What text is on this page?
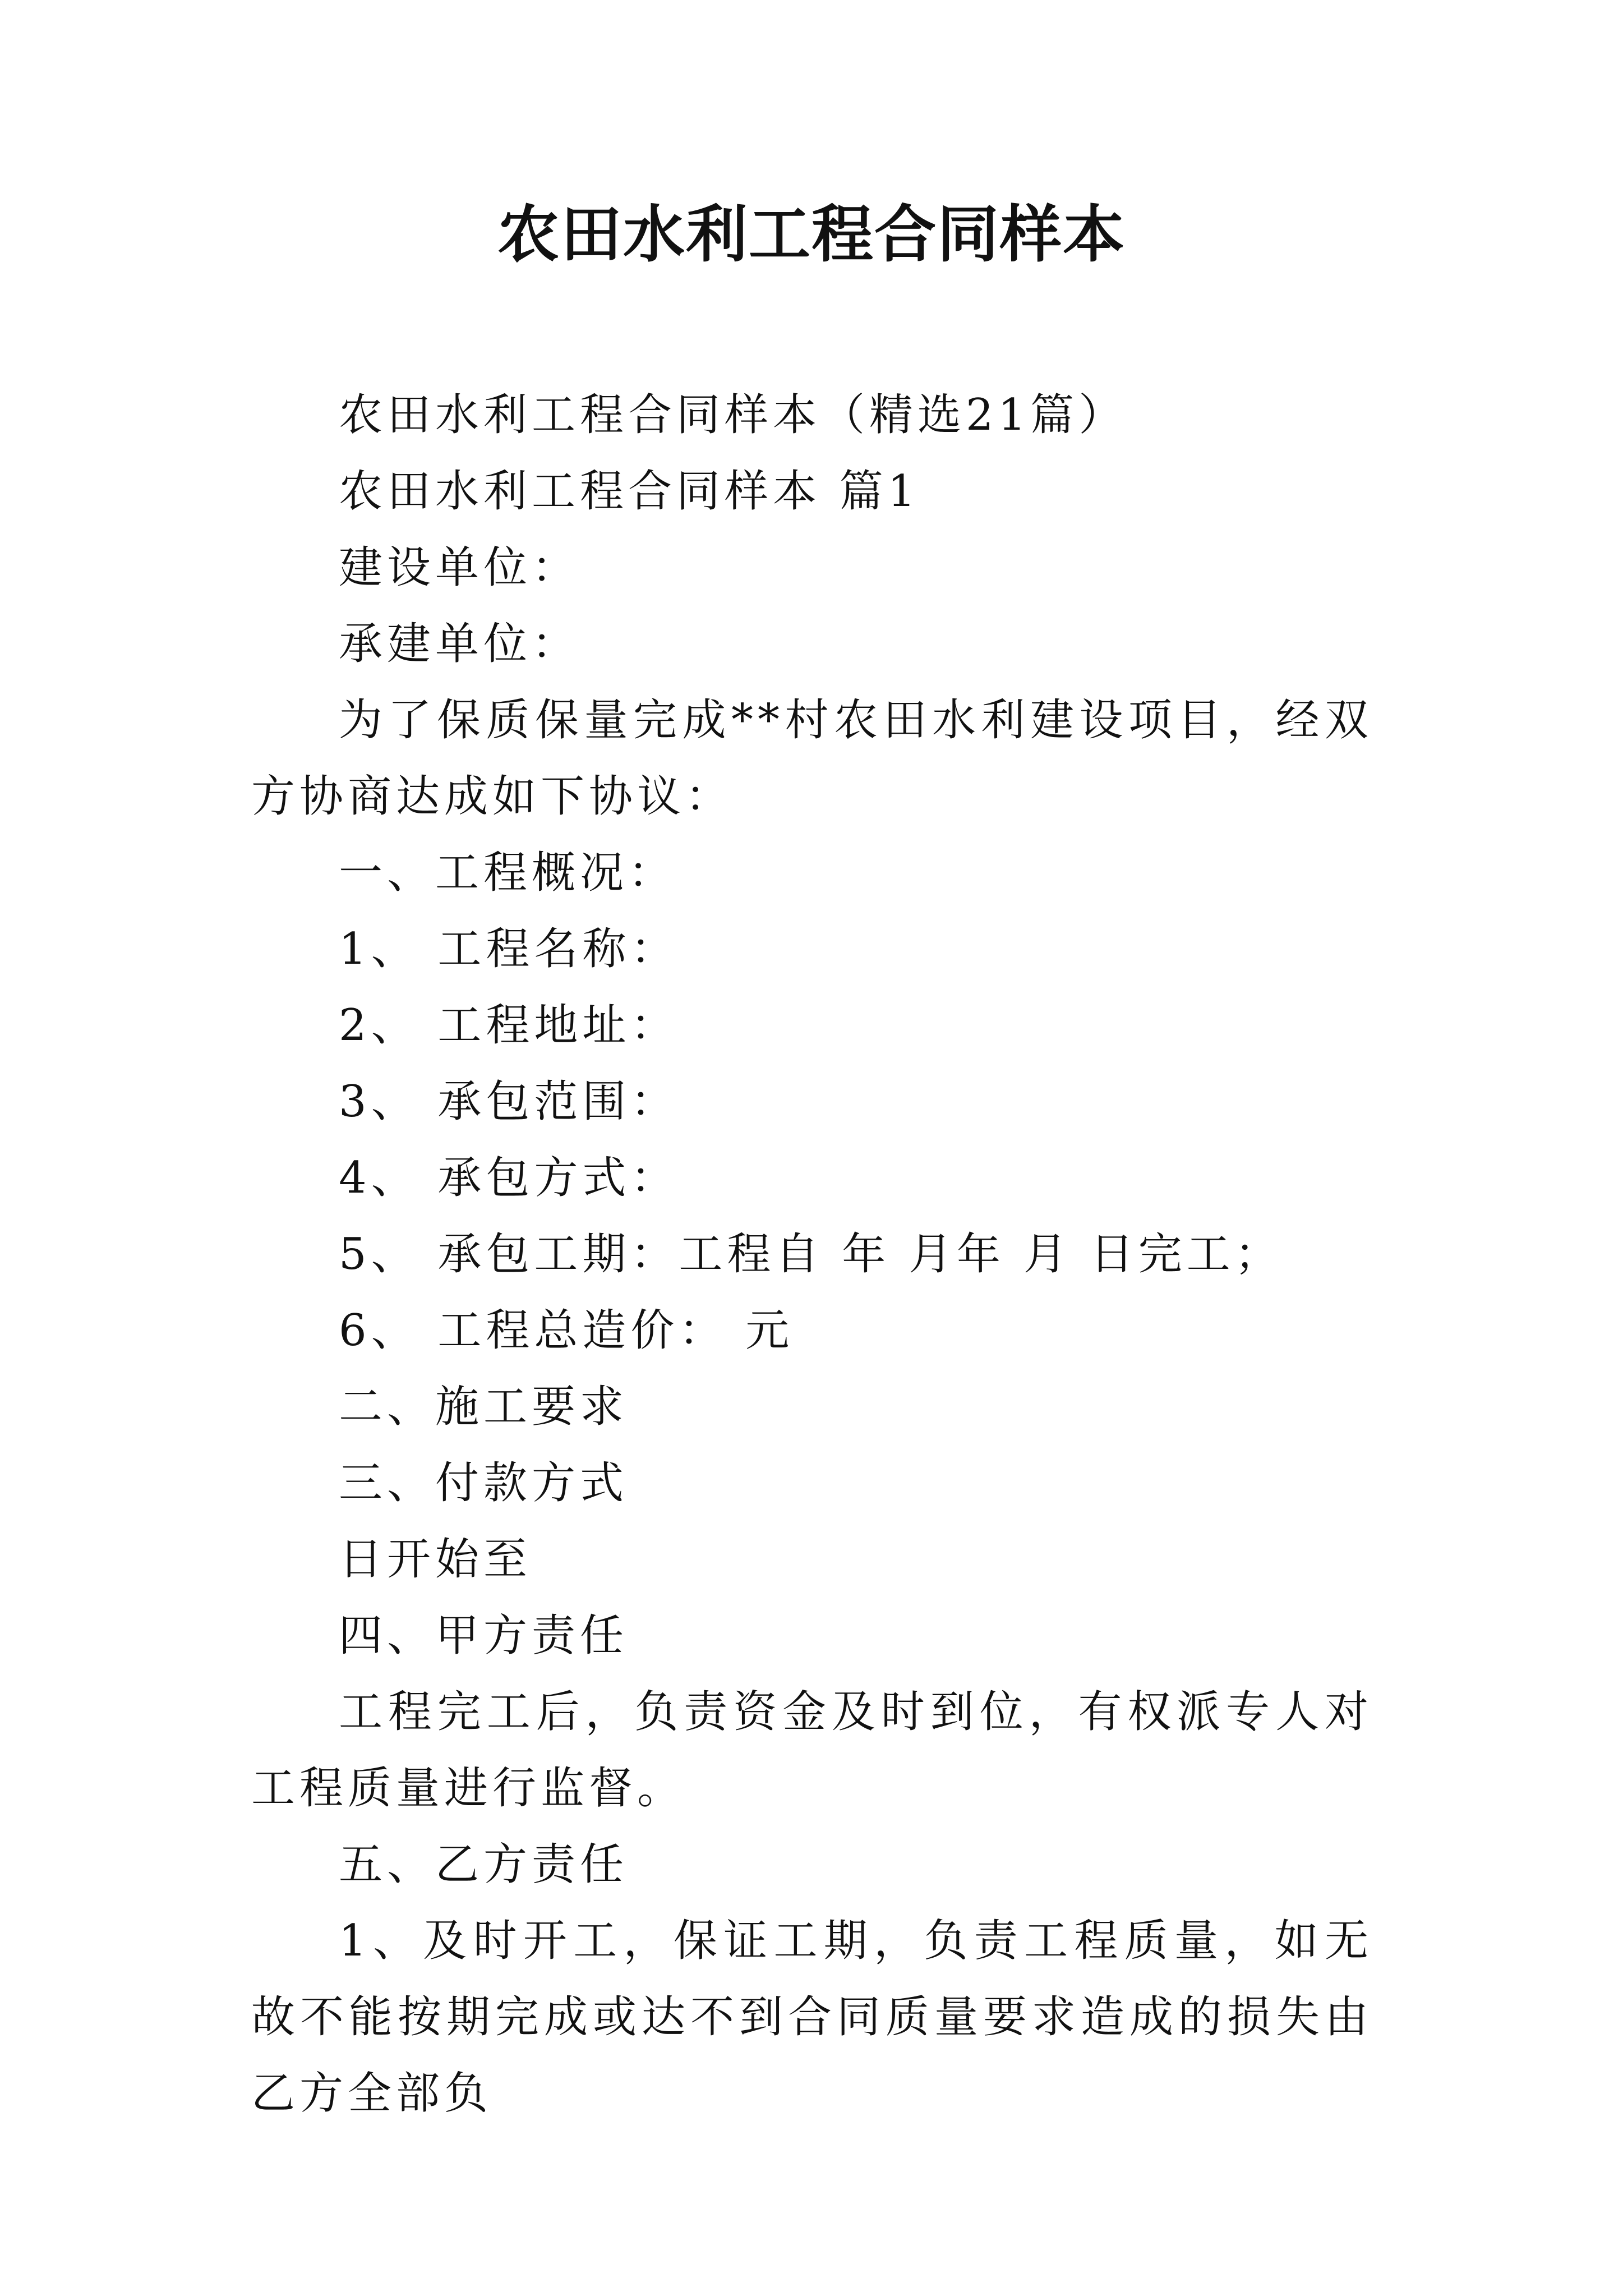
农田水利工程合同样本

农田水利工程合同样本（精选21篇）

农田水利工程合同样本 篇1

建设单位：

承建单位：

为了保质保量完成**村农田水利建设项目，经双方协商达成如下协议：

一、工程概况：

1、 工程名称：

2、 工程地址：

3、 承包范围：

4、 承包方式：

5、 承包工期：工程自 年 月年 月 日完工；

6、 工程总造价： 元

二、施工要求

三、付款方式

日开始至

四、甲方责任

工程完工后，负责资金及时到位，有权派专人对工程质量进行监督。

五、乙方责任

1、及时开工，保证工期，负责工程质量，如无故不能按期完成或达不到合同质量要求造成的损失由乙方全部负
